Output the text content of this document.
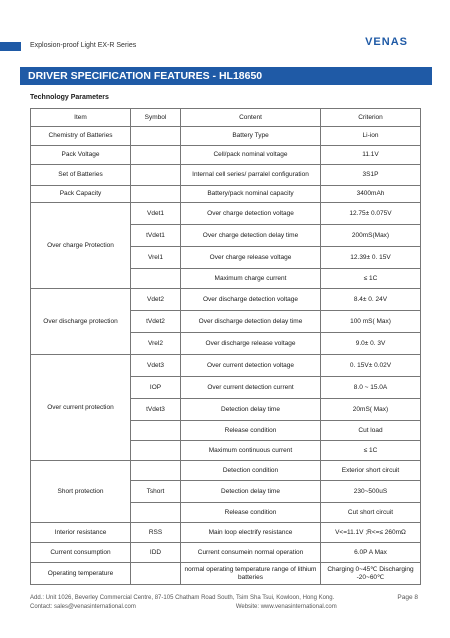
Explosion-proof Light EX-R Series	VENAS
DRIVER SPECIFICATION FEATURES - HL18650
Technology Parameters
Item	Symbol	Content	Criterion
Chemistry of Batteries		Battery Type	Li-ion
Pack Voltage		Cell/pack nominal voltage	11.1V
Set of Batteries		Internal cell series/ parralel configuration	3S1P
Pack Capacity		Battery/pack nominal capacity	3400mAh
Over charge Protection	Vdet1	Over charge detection voltage	12.75± 0.075V
	tVdet1	Over charge detection delay time	200mS(Max)
	Vrel1	Over charge release voltage	12.39± 0. 15V
		Maximum charge current	≤ 1C
Over discharge protection	Vdet2	Over discharge detection voltage	8.4± 0. 24V
	tVdet2	Over discharge detection delay time	100 mS( Max)
	Vrel2	Over discharge release voltage	9.0± 0. 3V
Over current protection	Vdet3	Over current detection voltage	0. 15V± 0.02V
	IOP	Over current detection current	8.0 ~ 15.0A
	tVdet3	Detection delay time	20mS( Max)
		Release condition	Cut load
		Maximum continuous current	≤ 1C
Short protection		Detection condition	Exterior short circuit
	Tshort	Detection delay time	230~500uS
		Release condition	Cut short circuit
Interior resistance	RSS	Main loop electrify resistance	V<=11.1V ;R<=≤ 260mΩ
Current consumption	IDD	Current consumein normal operation	6.0P A Max
Operating temperature		normal operating temperature range of lithium batteries	Charging 0~45℃ Discharging -20~60℃
Add.: Unit 1026, Beverley Commercial Centre, 87-105 Chatham Road South, Tsim Sha Tsui, Kowloon, Hong Kong.
Contact: sales@venasinternational.com	Website: www.venasinternational.com
Page 8
